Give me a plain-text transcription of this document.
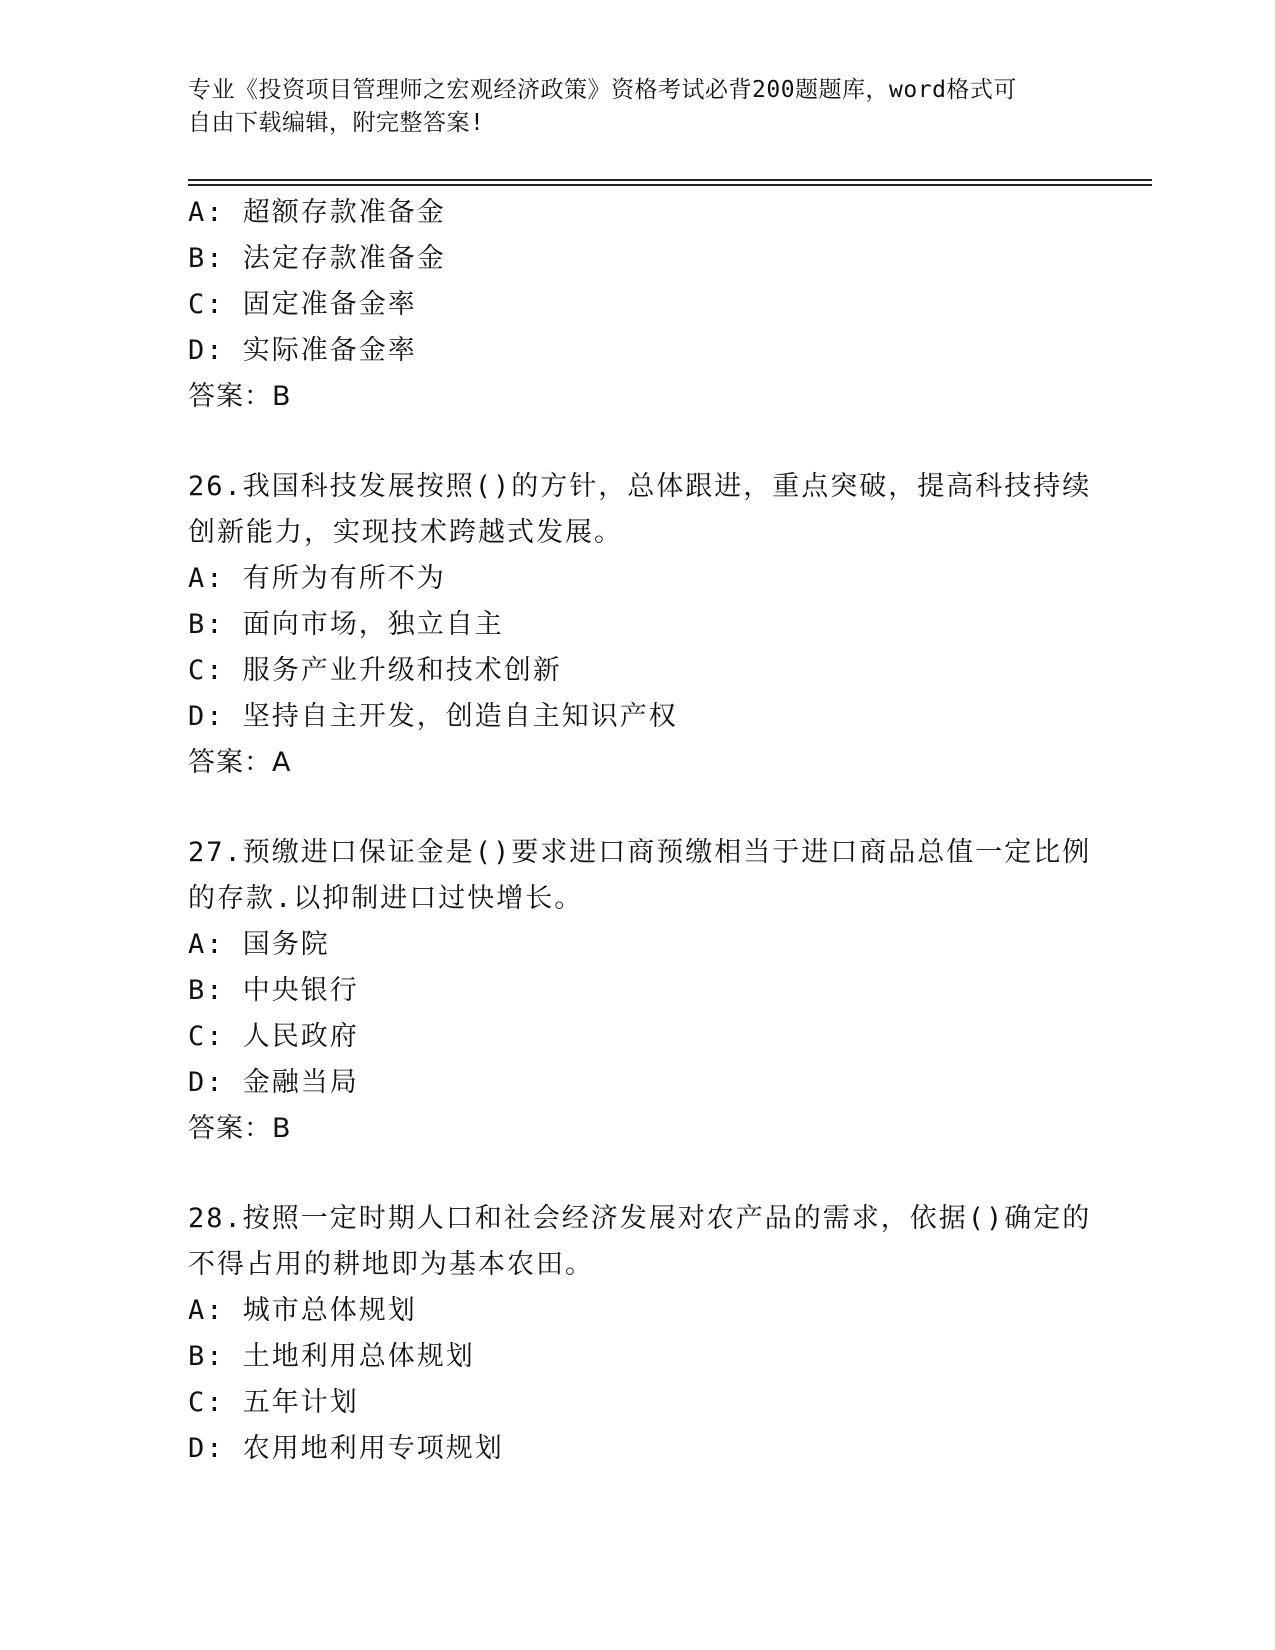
专业《投资项目管理师之宏观经济政策》资格考试必背200题题库，word格式可
自由下载编辑，附完整答案!
A: 超额存款准备金
B: 法定存款准备金
C: 固定准备金率
D: 实际准备金率
答案：B
26.我国科技发展按照()的方针，总体跟进，重点突破，提高科技持续
创新能力，实现技术跨越式发展。
A: 有所为有所不为
B: 面向市场，独立自主
C: 服务产业升级和技术创新
D: 坚持自主开发，创造自主知识产权
答案：A
27.预缴进口保证金是()要求进口商预缴相当于进口商品总值一定比例
的存款.以抑制进口过快增长。
A: 国务院
B: 中央银行
C: 人民政府
D: 金融当局
答案：B
28.按照一定时期人口和社会经济发展对农产品的需求，依据()确定的
不得占用的耕地即为基本农田。
A: 城市总体规划
B: 土地利用总体规划
C: 五年计划
D: 农用地利用专项规划
